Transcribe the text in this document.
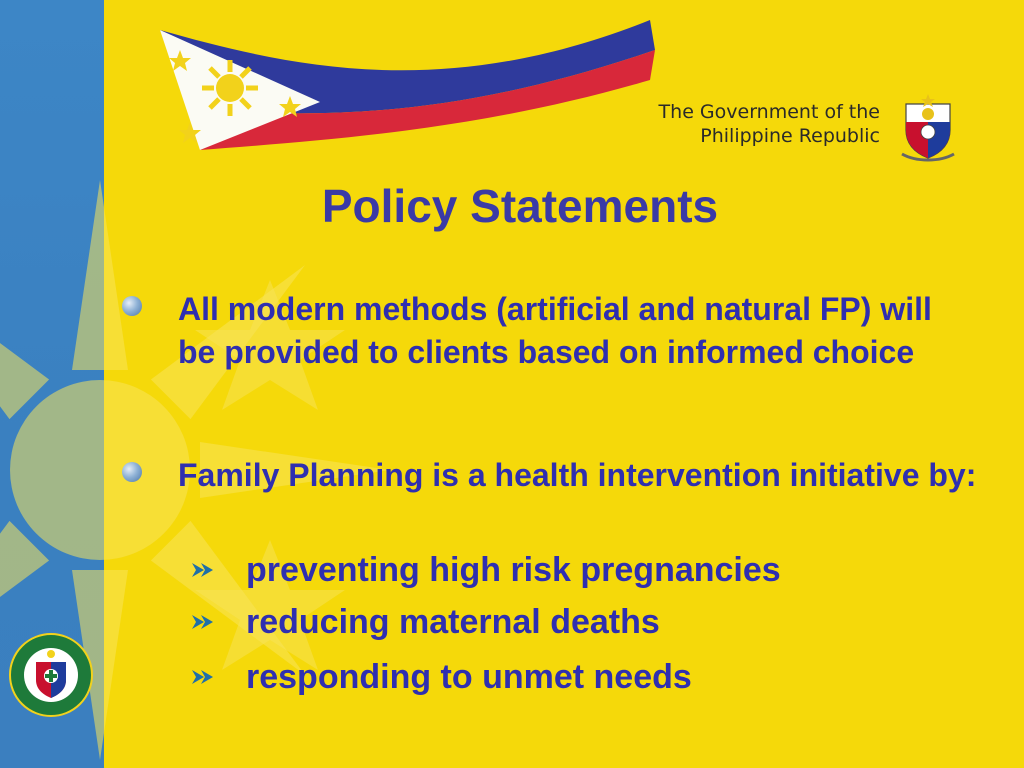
The Government of the
Philippine Republic
Policy Statements
All modern methods (artificial and natural FP) will be provided to clients based on informed choice
Family Planning is a health intervention initiative by:
preventing high risk pregnancies
reducing maternal deaths
responding to unmet needs
